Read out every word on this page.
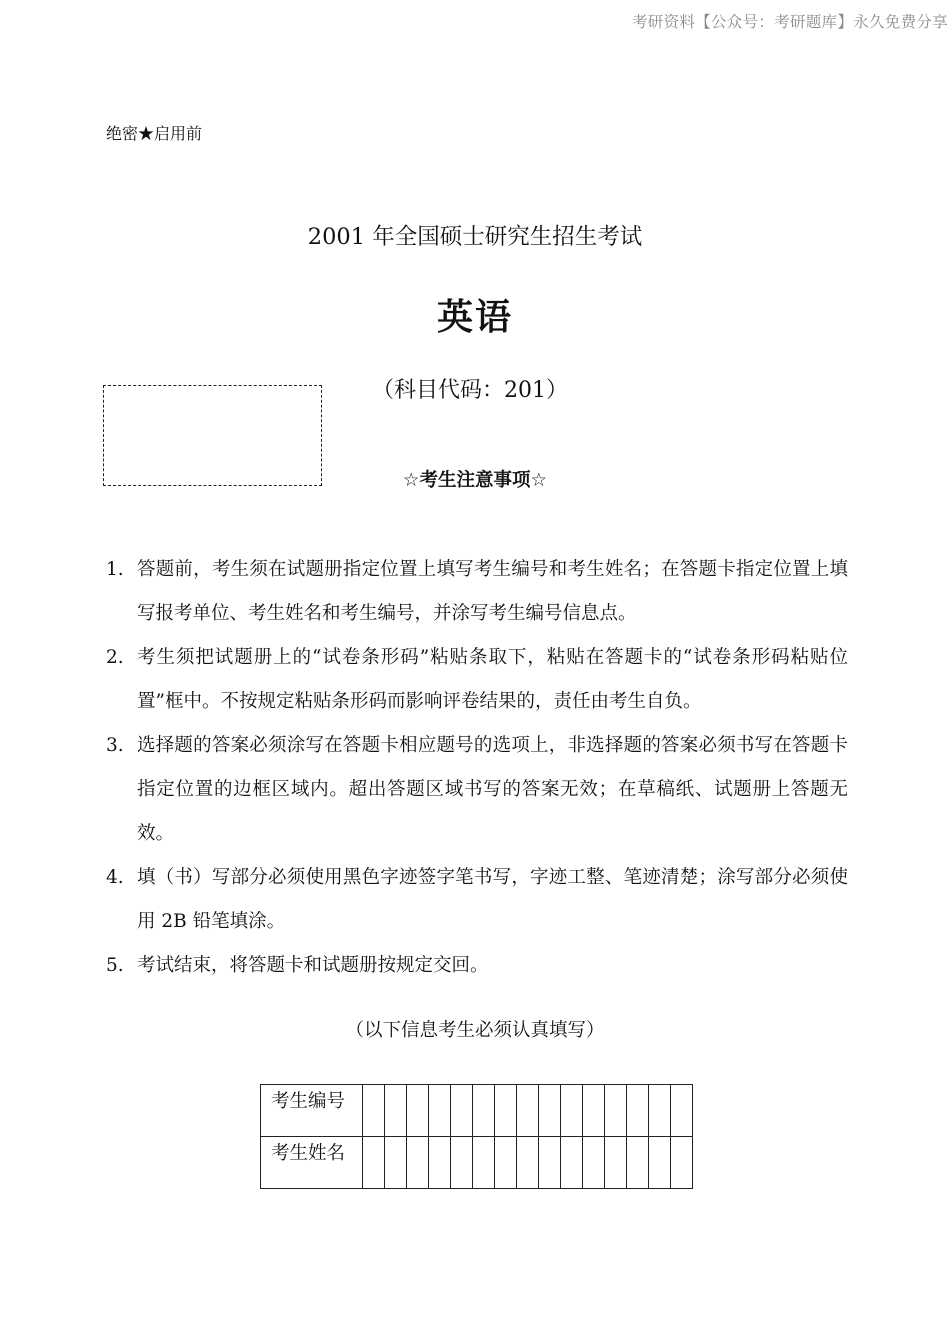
考研资料【公众号：考研题库】永久免费分享
绝密★启用前
2001 年全国硕士研究生招生考试
英语
（科目代码：201）
☆考生注意事项☆
1. 答题前，考生须在试题册指定位置上填写考生编号和考生姓名；在答题卡指定位置上填写报考单位、考生姓名和考生编号，并涂写考生编号信息点。
2. 考生须把试题册上的“试卷条形码”粘贴条取下，粘贴在答题卡的“试卷条形码粘贴位置”框中。不按规定粘贴条形码而影响评卷结果的，责任由考生自负。
3. 选择题的答案必须涂写在答题卡相应题号的选项上，非选择题的答案必须书写在答题卡指定位置的边框区域内。超出答题区域书写的答案无效；在草稿纸、试题册上答题无效。
4. 填（书）写部分必须使用黑色字迹签字笔书写，字迹工整、笔迹清楚；涂写部分必须使用 2B 铅笔填涂。
5. 考试结束，将答题卡和试题册按规定交回。
（以下信息考生必须认真填写）
考生编号															
考生姓名															
